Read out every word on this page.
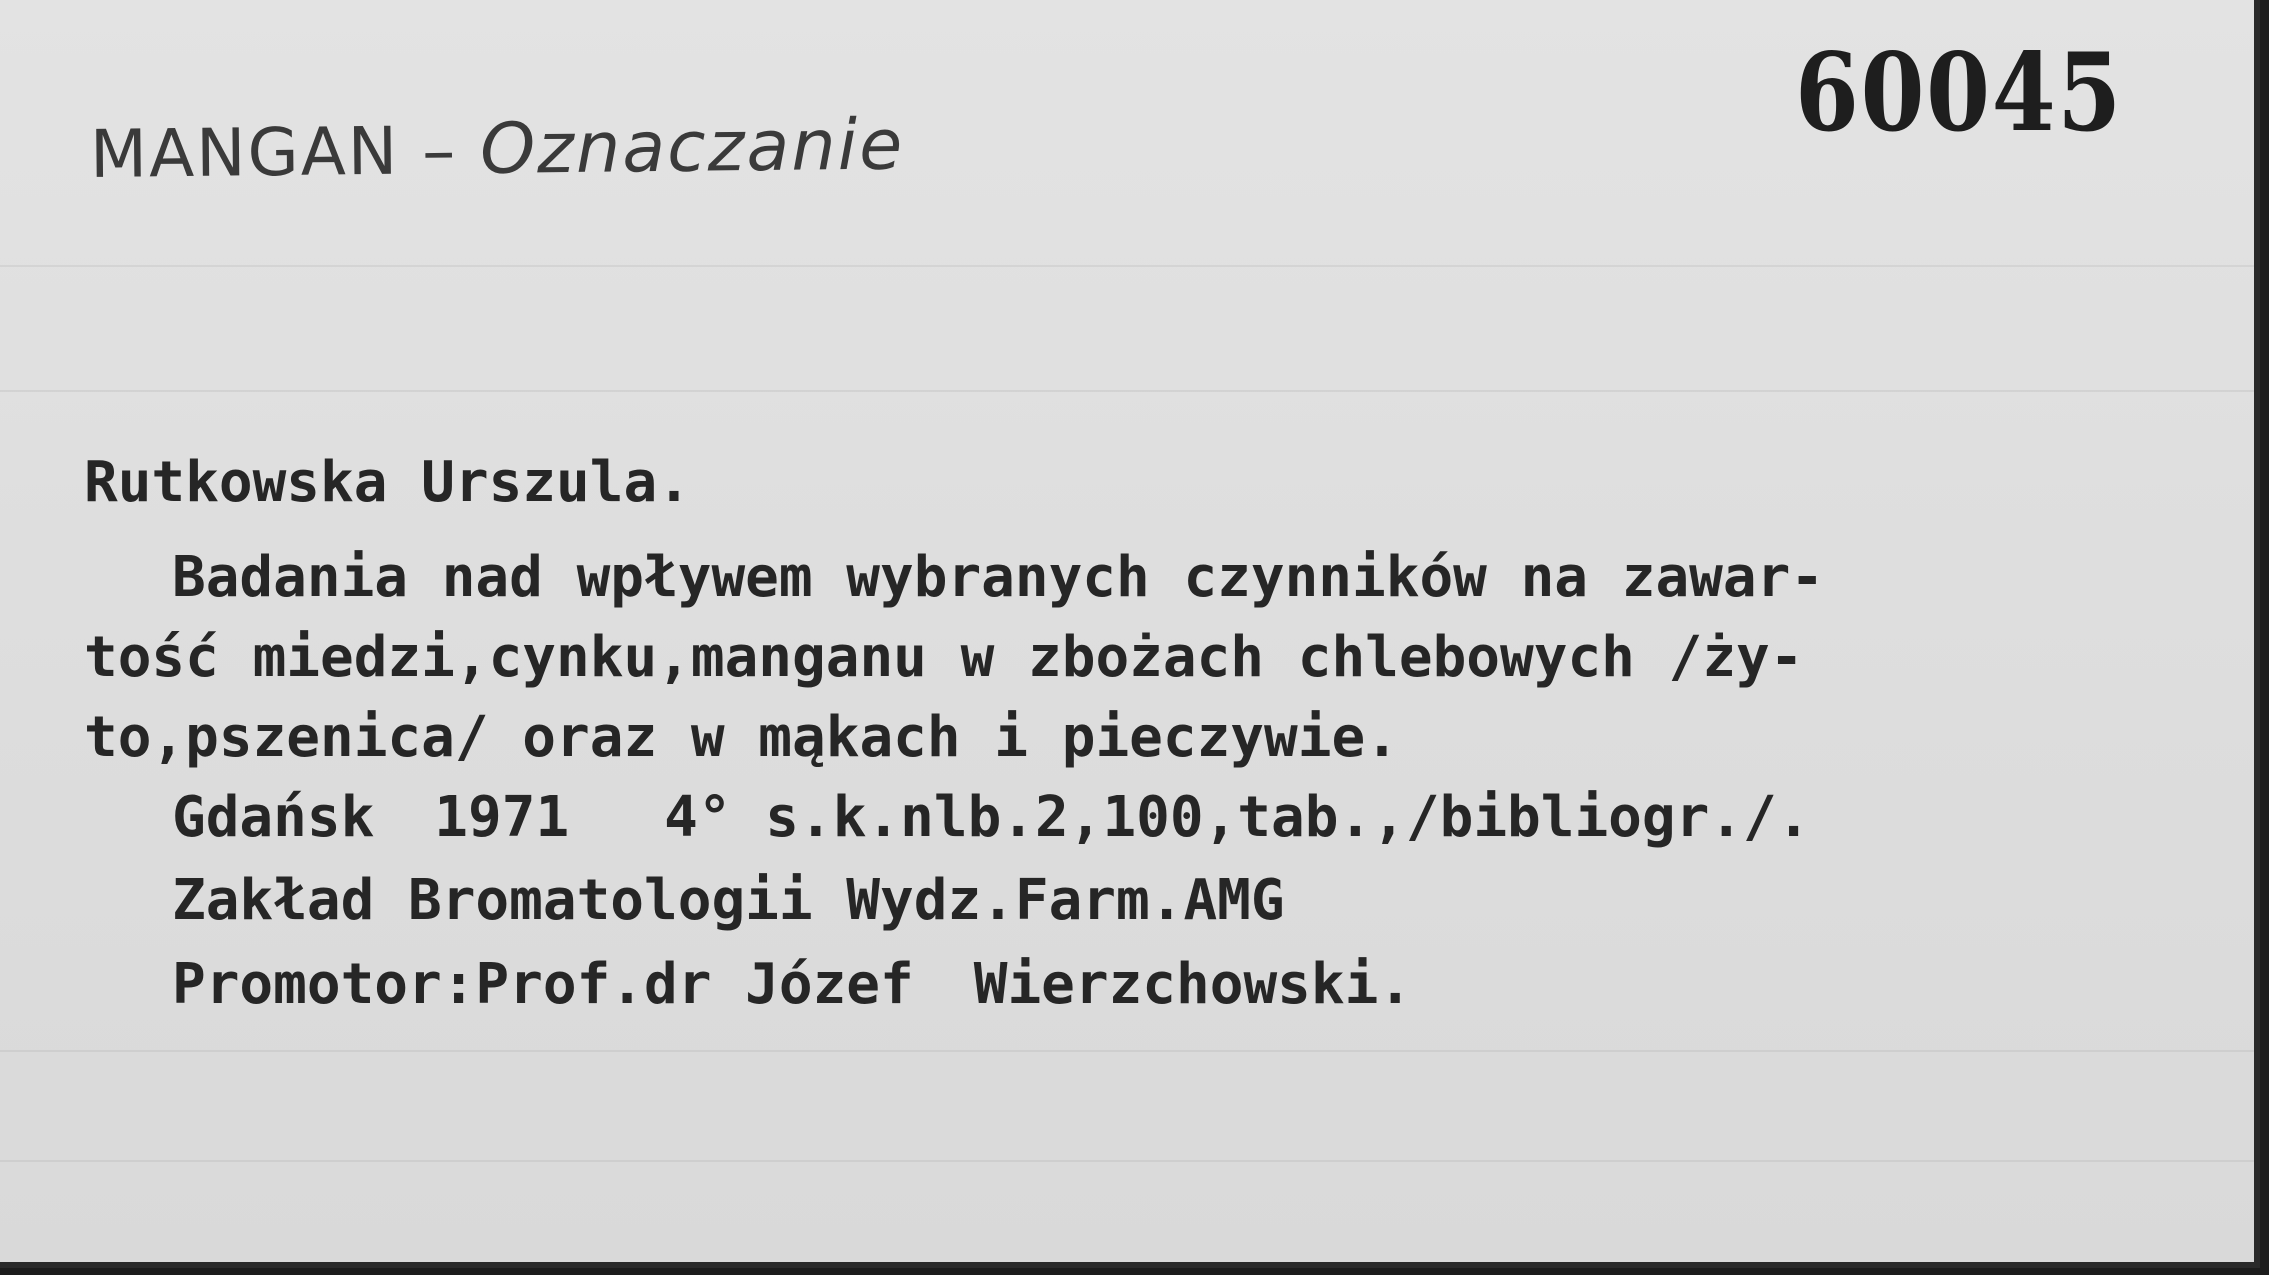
MANGAN – Oznaczanie	60045
Rutkowska Urszula.
Badania nad wpływem wybranych czynników na zawar-
tość miedzi,cynku,manganu w zbożach chlebowych /ży-
to,pszenica/ oraz w mąkach i pieczywie.
Gdańsk 1971 4° s.k.nlb.2,100,tab.,/bibliogr./.
Zakład Bromatologii Wydz.Farm.AMG
Promotor:Prof.dr Józef Wierzchowski.
